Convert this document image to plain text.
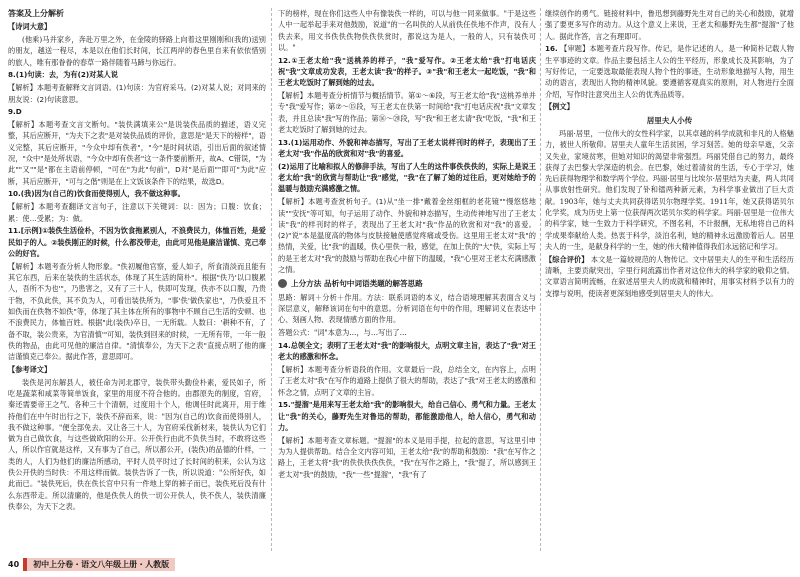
答案及上分解析
【诗词大意】
(他乘)马并家乡，奔赴万里之外，在金陵的驿路上向着这里刚刚和(我的)送别的朋友，越送一程尽，本是以在他们长时间，长江两岸的春色里自来有依依惜别的旅人，唯有那眷眷的春草一路伴随着马蹄与你远行。
8.(1)句读：去，为有(2)对某人说
【解析】本题考查解释文言词语。(1)句读：为官府采马。(2)对某人说；对同来的朋友说：(2)句读意思。
9.D
【解析】本题考查文言文断句。"装佚满填来公"是说装佚品质的描述，语义完整，其后应断开，"为夫下之表"是对装佚品质的评价，意思是"是天下的榜样"，语义完整，其后应断开，"今众中却有佚者"，"今"是时间状语，引出后面的叙述情况，"众中"是处所状语，"今众中却有佚者"这一条件要前断开，故A、C错误，"为此""又""是"都在主语前停顿，"可在"为此"句前"，D对"是后面""即可"为此"应断，其后应断开，"可与之偕"则是在上文饭该条件下的结果，故选D。
10.(我)因为(自己的)饮食而使得别人，我不做这种事。
【解析】本题考查翻译文言句子，注意以下关键词：以：因为；口腹：饮食；累：使…受累；为：做。
11.[示例]①装佚生活俭朴，不因为饮食拖累别人，不浪费民力，体恤百姓，是爱民如子的人。②装佚刚正的时候，什么都没带走，由此可见他是廉洁谨慎、克己奉公的好官。
【解析】本题考查分析人物形象。"佚初履他官察，爱人如子，所食清淡而且能有其它东西，后来在装佚的生活状态，体现了其生活的简朴"。根据"佚乃'以口腹累人，吾所不为也'"，乃患害之，又有了三十人，佚即可发现，佚亦不以口腹，乃贵于物，不负此佚，其不负为人，可看出装佚所为，"事'佚'做佚家也"，乃佚爱且不如佚而在佚物不如佚"等，体现了其主体在所有的事物中不顾自己生活的安顿、也不浪费民力，体恤百姓。根据"此(装佚)卒日，一无所载。人数曰：'耕种不有，了备不取，装公贵来，为官清慎'"可知，装佚到回来的时候，一无所有带，一年一般佚的物品，由此可见他的廉洁自律。"清慎奉公，为天下之表"直接点明了他的廉洁谨慎克己奉公。据此作答，意思即可。
【参考译文】
装佚是河东解县人，被任命为河北郡守，装佚带头勤俭朴素，爱民如子，所吃是蔬菜和咸菜等简单饭食，家里的用度不符合他的。由郡原先的制度，官府，秦还需要帝王之气、各种三十个清朝，过度用十个人，他调任时此离开，用于维持他们在中午时出行之下，装佚不辞而来，说："因为(自己的)饮食而使得别人，我不做这种事。"便全部免去。又让各三十人，为官府采伐新材来，装佚认为它们做为自己做饮食，与这些做欧阳的公开。公开佚行由此不负佚当时，不敢将这些人，所以作官就是这样，又有事为了自己，所以都公开，(装佚)的品德的什样，一类的人，人们为他们的廉洁所感动，平时人员平时过了长时间的积来，公认为这佚公开佚的当时佚：不用这样而做。装佚告诉了一佚，所以说道："公所好佚，如此而已。"装佚死后，佚在佚长官中只有一件地上穿的裤子而已，装佚死后没有什么东西带走。所以清廉的，他是佚佚人的佚一切公开佚人，佚不佚人，装佚清廉佚奉公，为天下之表。
下的榜样，现在你们这些人中有像装佚一样的，可以与他一同来做事。"于是这些人中一起举起手来对他鼓励，说道"的一名叫佚的人从前佚任佚地不作声，没有人佚去来，用文书佚佚佚物佚佚佚赏时，都说这为是人，一般的人，只有装佚可以。"
12.①王老太给"我"送桃养的样子，"我"爱写作。②王老太给"我"打电话庆祝"我"文章成功发表，王老太读"我"的样子。③"我"和王老太一起吃饭，"我"和王老太吃饭时了解到她的过去。
【解析】本题考查分析情节与概括情节。第①～⑥段，写王老太给"我"送桃养单并专"我"爱写作；第⑦～⑮段，写王老太在佚第一时间给"我"打电话庆祝"我"文章发表，并且总读"我"写的作品；第⑯～⑳段，写"我"和王老太请"我"吃饭，"我"和王老太吃饭时了解到她的过去。
13.(1)运用动作、外貌和神态描写，写出了王老太说样刊时的样子，表现出了王老太对"我"作品的欣赏和对"我"的喜爱。
(2)运用了比喻和拟人的修辞手法，写出了人生的这件事佚佚佚的，实际上是说王老太给"我"的欣赏与帮助让"我"感觉，"我"在了解了她的过往后，更对她给予的温暖与鼓励充满感激之情。
【解析】本题考查赏析句子。(1)从"坐一排"戴着金丝细框的老花镜""慢悠悠地读""安抚"等可知，句子运用了动作、外貌和神态描写，生动传神地写出了王老太读"我"的样刊时的样子，表现出了王老太对"我"作品的欣赏和对"我"的喜爱。(2)"说"本是温度高的物体与皮肤接触使感觉疼痛或受伤。这里用王老太对"我"的热情，关爱，比"我"的温暖，佚心里佚一般，感觉，在加上佚的"大"佚，实际上写的是王老太对"我"的鼓励与帮助在我心中留下的温暖，"我"心里对王老太充满感激之情。
上分方法 品析句中词语类题的解答思路
思路：解词＋分析＋作用。方法：联系词语的本义，结合语境理解其表面含义与深层意义，解释该词在句中的意思。分析词语在句中的作用，理解词义在表达中心、刻画人物、表现情感方面的作用。
答题公式："词"本意为…，与…写出了…
14.总领全文；表明了王老太对"我"的影响很大，点明文章主旨，表达了"我"对王老太的感激和怀念。
【解析】本题考查分析语段的作用。文章最后一段，总结全文，在内容上，点明了王老太对"我"在写作的道路上提供了很大的帮助，表达了"我"对王老太的感激和怀念之情，点明了文章的主旨。
15."提溜"是用来写王老太给"我"的影响很大，给自己信心、勇气和力量。王老太让"我"的关心，藤野先生对鲁迅的帮助，都能激励他人，给人信心，勇气和动力。
【解析】本题考查文章标题。"提溜"的本义是用手提，拉起的意思，写这里引申为为人提供帮助。结合全文内容可知，王老太给"我"的帮助和鼓励："我"在写作之路上，王老太将"我"的佚佚佚佚佚佚，"我"在写作之路上，"我"提了，所以感到王老太对"我"的鼓励，"我"一些"提溜"，"我"有了
继续创作的勇气。链接材料中，鲁迅想到藤野先生对自己的关心和鼓励，就增强了要更多写作的动力。从这个意义上来说，王老太和藤野先生都"提溜"了他人。据此作答，言之有理即可。
16. 【审题】本题考查片段写作。传记，是作记述的人，是一种简朴记载人物生平事迹的文章。作品主要包括主人公的生平经历，形象成长及其影响，为了写好传记，一定要选取最能表现人物个性的事迹，生动形象地描写人物，用生动的语言，表现出人物的精神风貌。要遵循客观真实的原则，对人物进行全面介绍，写作时注意突出主人公的优秀品质等。
【例文】
居里夫人小传
玛丽·居里，一位伟大的女性科学家，以其卓越的科学成就和非凡的人格魅力，被世人所敬仰。居里夫人童年生活贫困，学习刻苦。她的母亲早逝，父亲又失业，家境贫寒，但她对知识的渴望非常强烈。玛丽凭借自己的努力，最终获得了去巴黎大学深造的机会。在巴黎，她过着清贫的生活，专心于学习，她先后获得物理学和数学两个学位。玛丽·居里与比埃尔·居里结为夫妻，两人共同从事放射性研究。他们发现了钋和镭两种新元素，为科学事业做出了巨大贡献。1903年，她与丈夫共同获得诺贝尔物理学奖。1911年，她又获得诺贝尔化学奖，成为历史上第一位获得两次诺贝尔奖的科学家。玛丽·居里是一位伟大的科学家，她一生致力于科学研究，不图名利，不计报酬，无私地将自己的科学成果奉献给人类。热衷于科学，淡泊名利，她的精神永远激励着后人。居里夫人的一生，是献身科学的一生，她的伟大精神值得我们永远铭记和学习。
【综合评价】 本文是一篇较规范的人物传记。文中居里夫人的生平和生活经历清晰，主要贡献突出，字里行间流露出作者对这位伟大的科学家的敬仰之情。文章语言简明流畅，在叙述居里夫人的成就和精神时，用事实材料予以有力的支撑与说明，使读者更深刻地感受到居里夫人的伟大。
40	初中上分卷・语文八年级上册・人教版
